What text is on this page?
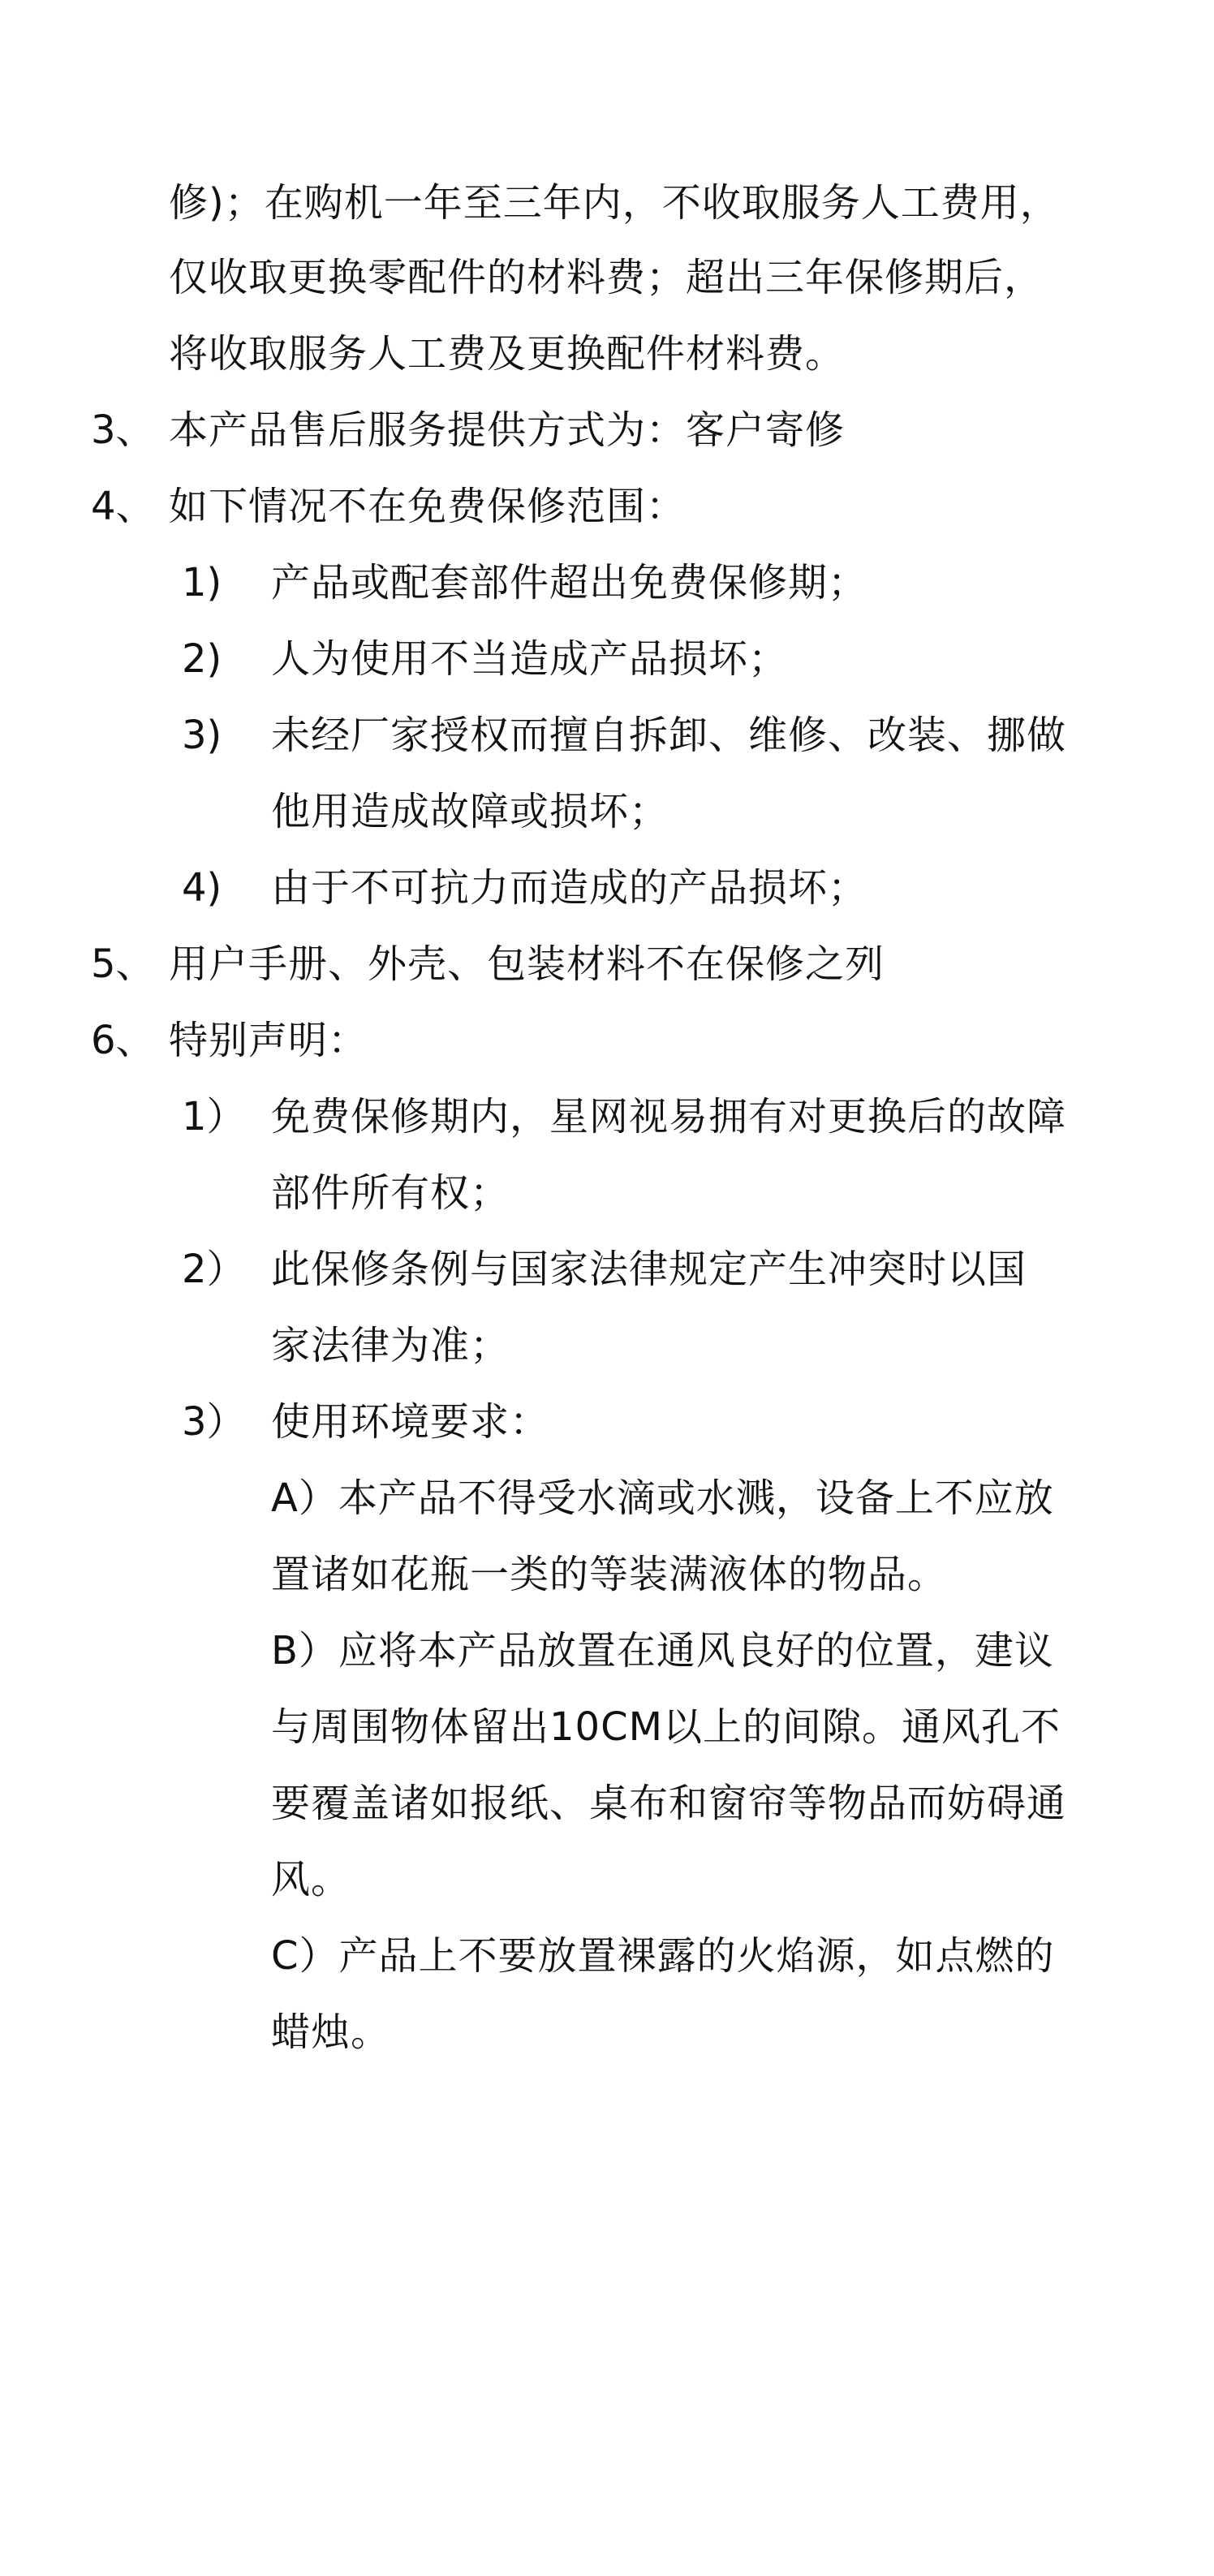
修)；在购机一年至三年内，不收取服务人工费用，
仅收取更换零配件的材料费；超出三年保修期后，
将收取服务人工费及更换配件材料费。
3、 本产品售后服务提供方式为：客户寄修
4、 如下情况不在免费保修范围：
1) 产品或配套部件超出免费保修期；
2) 人为使用不当造成产品损坏；
3) 未经厂家授权而擅自拆卸、维修、改装、挪做
他用造成故障或损坏；
4) 由于不可抗力而造成的产品损坏；
5、 用户手册、外壳、包装材料不在保修之列
6、 特别声明：
1） 免费保修期内，星网视易拥有对更换后的故障
部件所有权；
2） 此保修条例与国家法律规定产生冲突时以国
家法律为准；
3） 使用环境要求：
A）本产品不得受水滴或水溅，设备上不应放
置诸如花瓶一类的等装满液体的物品。
B）应将本产品放置在通风良好的位置，建议
与周围物体留出10CM以上的间隙。通风孔不
要覆盖诸如报纸、桌布和窗帘等物品而妨碍通
风。
C）产品上不要放置裸露的火焰源，如点燃的
蜡烛。
